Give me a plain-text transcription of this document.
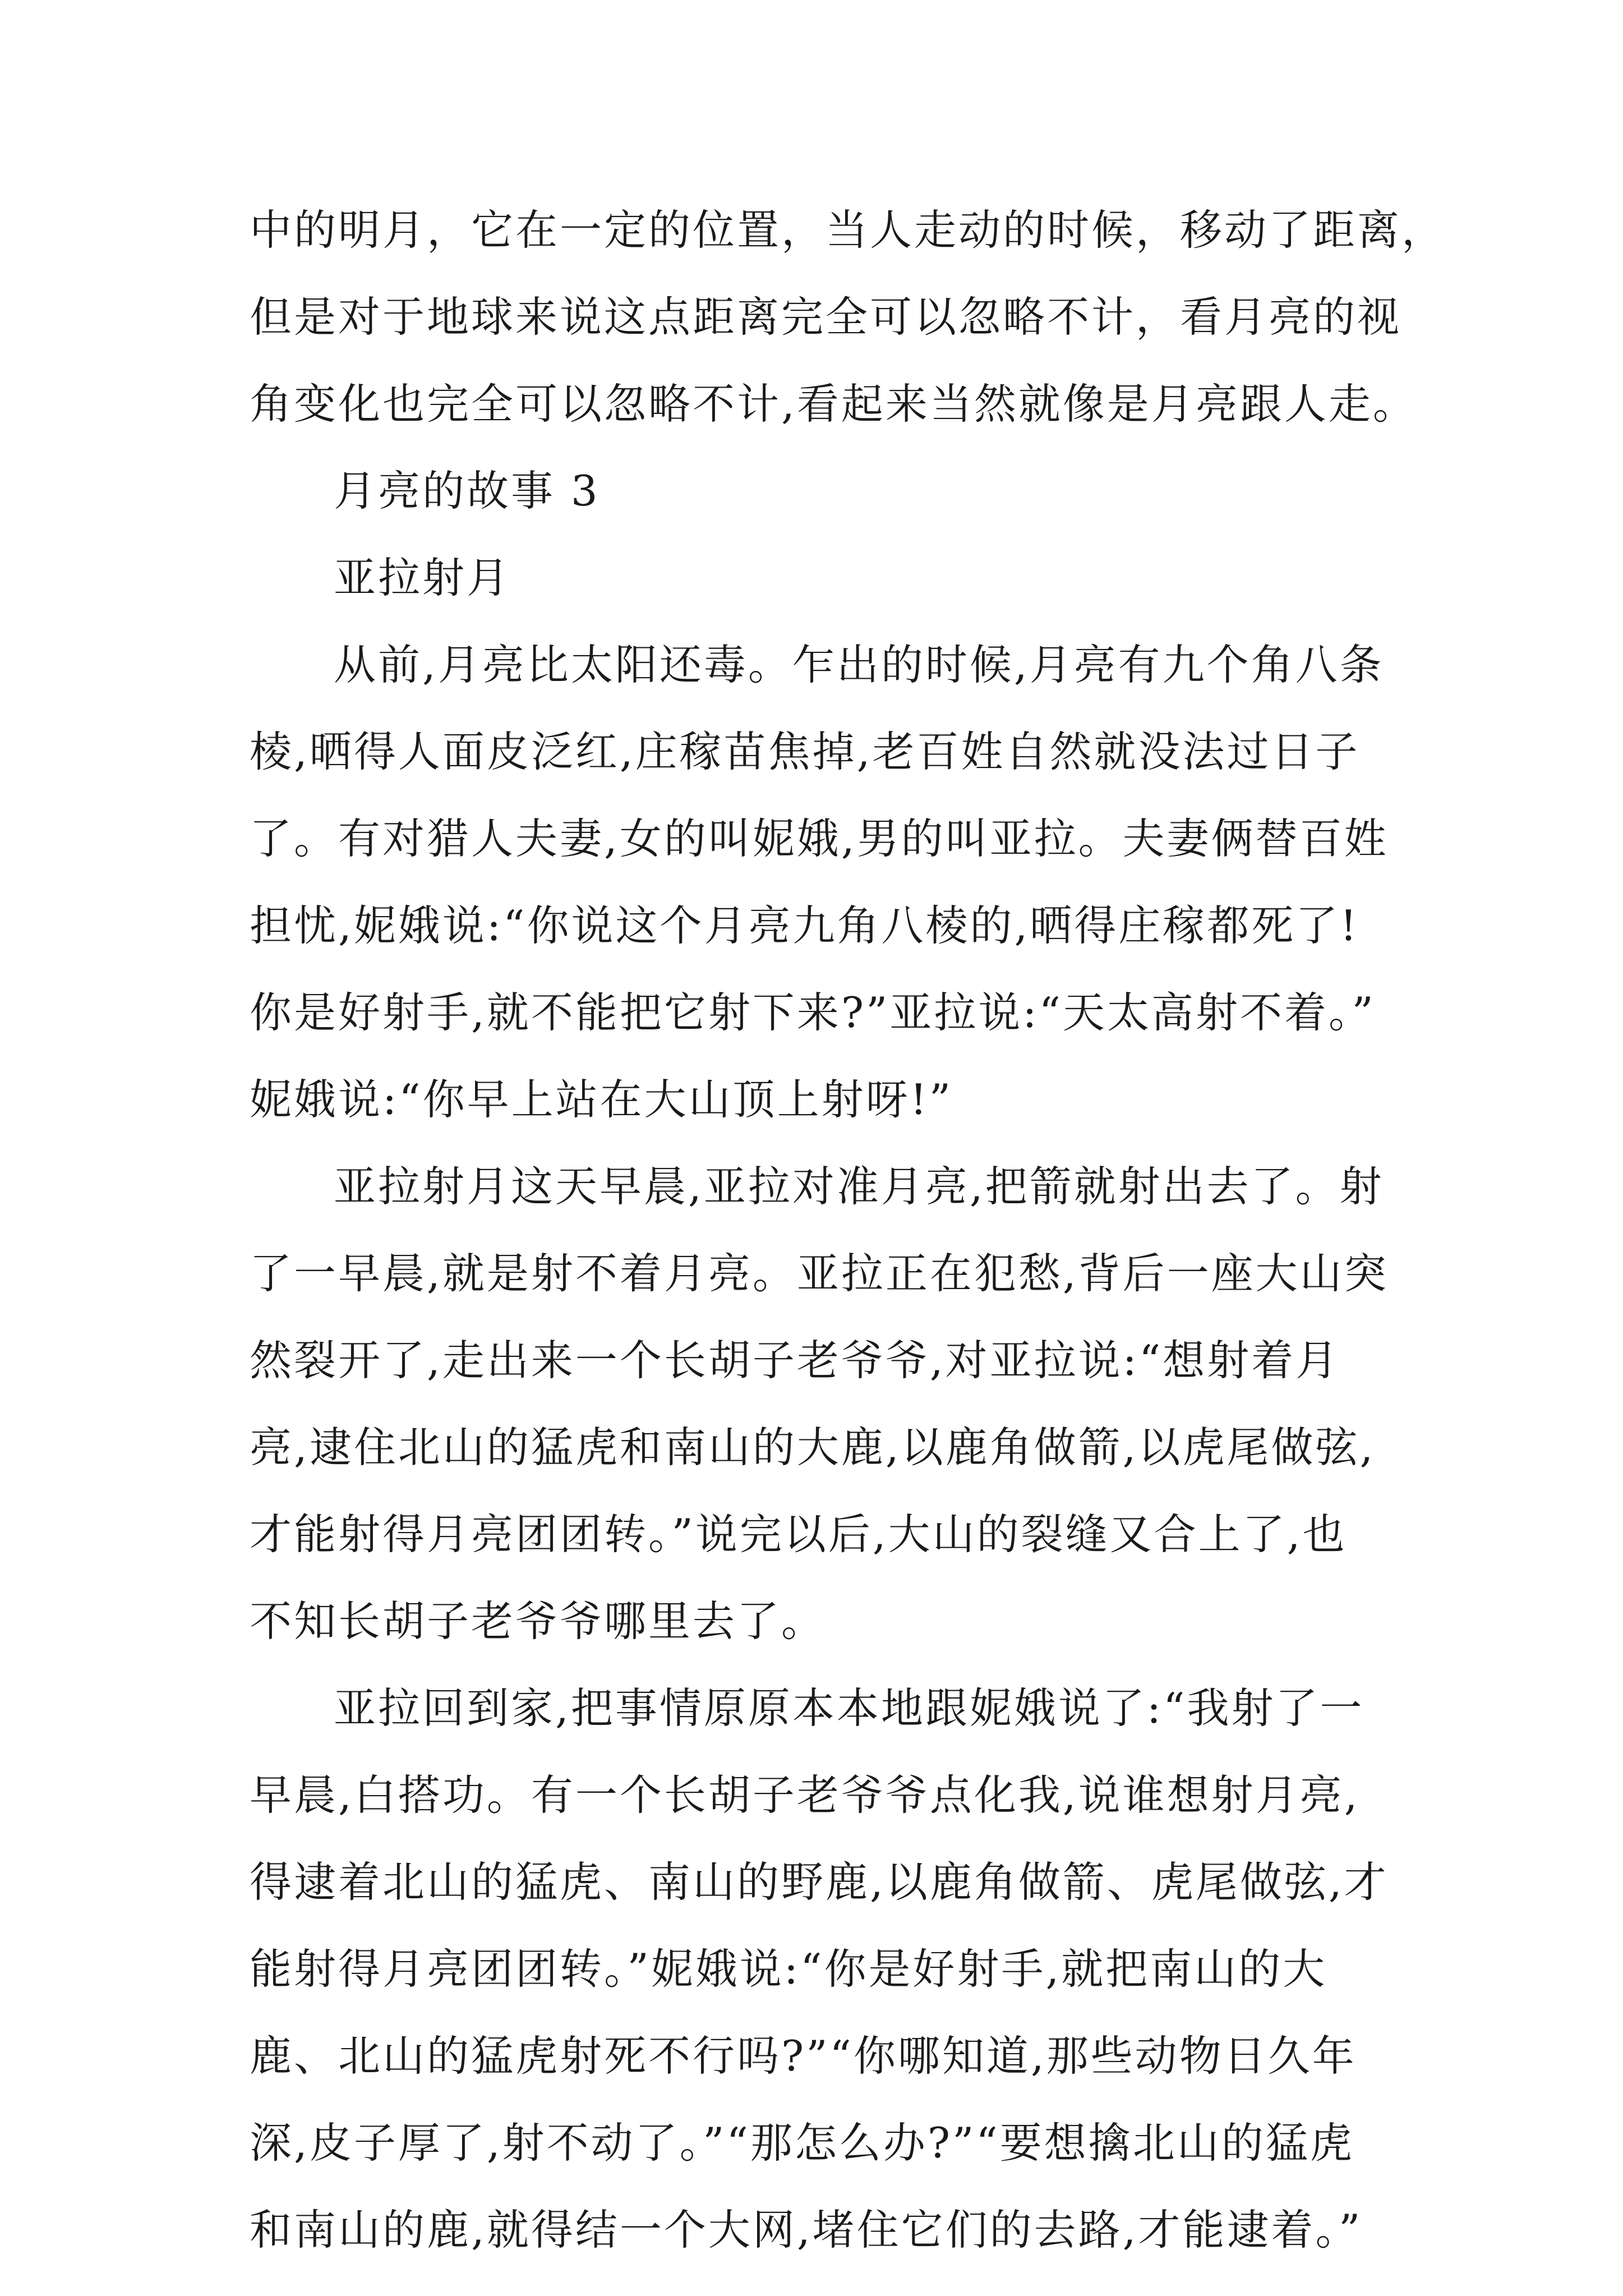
中的明月，它在一定的位置，当人走动的时候，移动了距离，
但是对于地球来说这点距离完全可以忽略不计，看月亮的视
角变化也完全可以忽略不计,看起来当然就像是月亮跟人走。
月亮的故事 3
亚拉射月
从前,月亮比太阳还毒。乍出的时候,月亮有九个角八条
棱,晒得人面皮泛红,庄稼苗焦掉,老百姓自然就没法过日子
了。有对猎人夫妻,女的叫妮娥,男的叫亚拉。夫妻俩替百姓
担忧,妮娥说:“你说这个月亮九角八棱的,晒得庄稼都死了!
你是好射手,就不能把它射下来?”亚拉说:“天太高射不着。”
妮娥说:“你早上站在大山顶上射呀!”
亚拉射月这天早晨,亚拉对准月亮,把箭就射出去了。射
了一早晨,就是射不着月亮。亚拉正在犯愁,背后一座大山突
然裂开了,走出来一个长胡子老爷爷,对亚拉说:“想射着月
亮,逮住北山的猛虎和南山的大鹿,以鹿角做箭,以虎尾做弦,
才能射得月亮团团转。”说完以后,大山的裂缝又合上了,也
不知长胡子老爷爷哪里去了。
亚拉回到家,把事情原原本本地跟妮娥说了:“我射了一
早晨,白搭功。有一个长胡子老爷爷点化我,说谁想射月亮,
得逮着北山的猛虎、南山的野鹿,以鹿角做箭、虎尾做弦,才
能射得月亮团团转。”妮娥说:“你是好射手,就把南山的大
鹿、北山的猛虎射死不行吗?”“你哪知道,那些动物日久年
深,皮子厚了,射不动了。”“那怎么办?”“要想擒北山的猛虎
和南山的鹿,就得结一个大网,堵住它们的去路,才能逮着。”
